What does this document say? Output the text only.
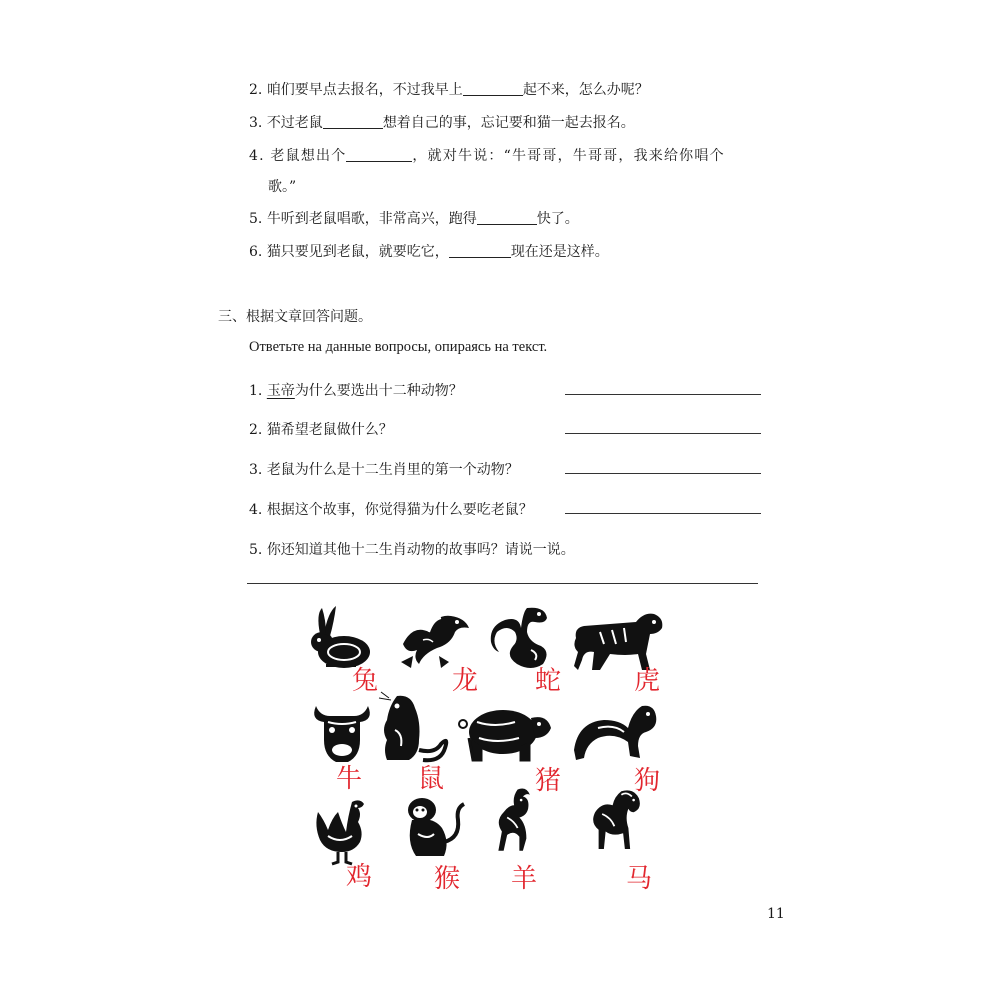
2. 咱们要早点去报名，不过我早上	起不来，怎么办呢？
3. 不过老鼠	想着自己的事，忘记要和猫一起去报名。
4. 老鼠想出个	，就对牛说：“牛哥哥，牛哥哥，我来给你唱个
歌。”
5. 牛听到老鼠唱歌，非常高兴，跑得	快了。
6. 猫只要见到老鼠，就要吃它，	现在还是这样。
三、根据文章回答问题。
Ответьте на данные вопросы, опираясь на текст.
1. 玉帝为什么要选出十二种动物？
2. 猫希望老鼠做什么？
3. 老鼠为什么是十二生肖里的第一个动物？
4. 根据这个故事，你觉得猫为什么要吃老鼠？
5. 你还知道其他十二生肖动物的故事吗？请说一说。
兔	龙 蛇	虎
牛 鼠	猪	狗
鸡 猴 羊	马
11
